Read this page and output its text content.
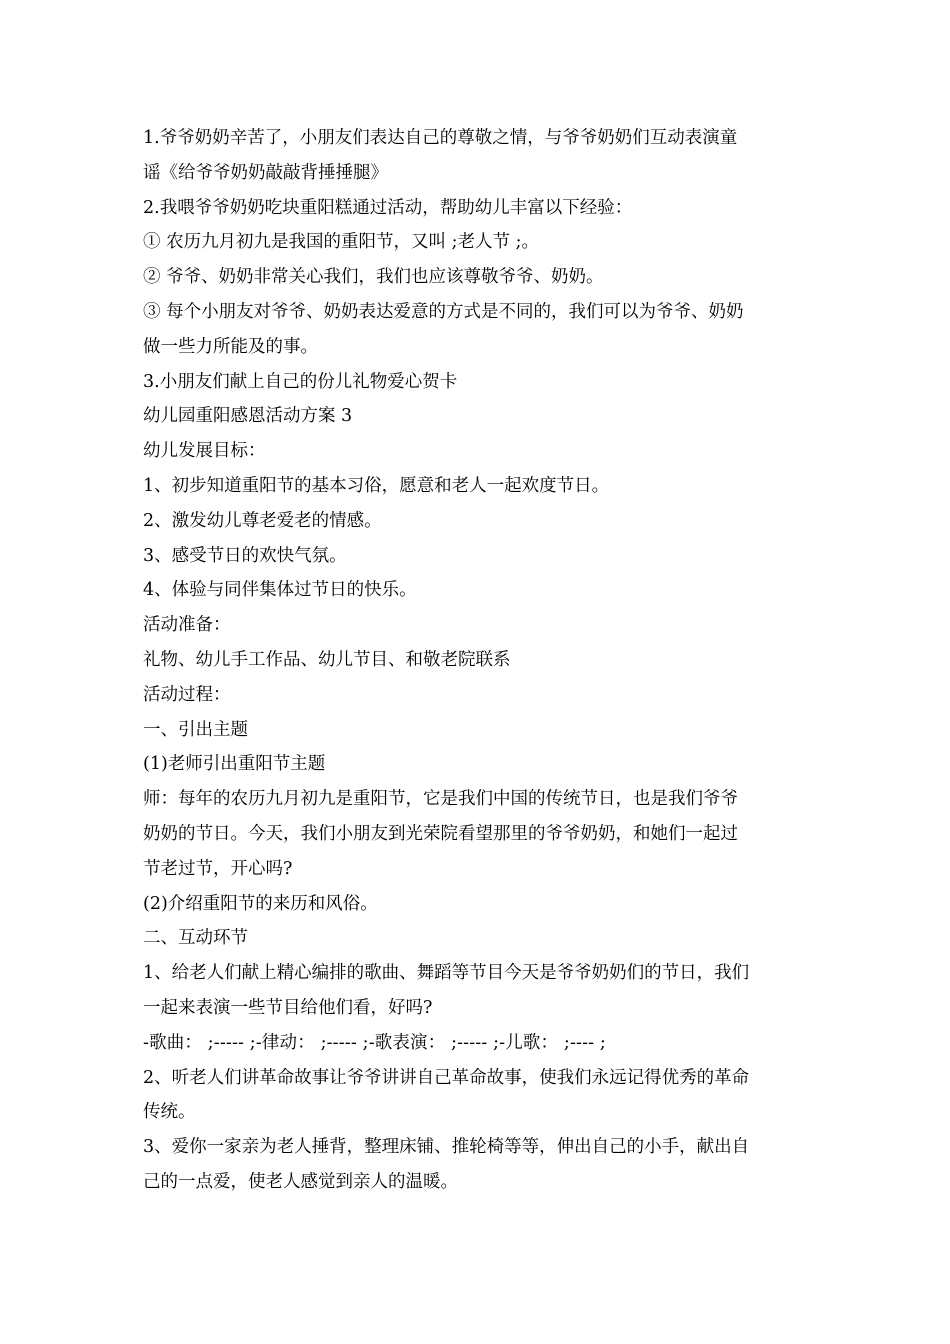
1.爷爷奶奶辛苦了，小朋友们表达自己的尊敬之情，与爷爷奶奶们互动表演童
谣《给爷爷奶奶敲敲背捶捶腿》
2.我喂爷爷奶奶吃块重阳糕通过活动，帮助幼儿丰富以下经验：
① 农历九月初九是我国的重阳节，又叫 ;老人节 ;。
② 爷爷、奶奶非常关心我们，我们也应该尊敬爷爷、奶奶。
③ 每个小朋友对爷爷、奶奶表达爱意的方式是不同的，我们可以为爷爷、奶奶
做一些力所能及的事。
3.小朋友们献上自己的份儿礼物爱心贺卡
幼儿园重阳感恩活动方案 3
幼儿发展目标：
1、初步知道重阳节的基本习俗，愿意和老人一起欢度节日。
2、激发幼儿尊老爱老的情感。
3、感受节日的欢快气氛。
4、体验与同伴集体过节日的快乐。
活动准备：
礼物、幼儿手工作品、幼儿节目、和敬老院联系
活动过程：
一、引出主题
(1)老师引出重阳节主题
师：每年的农历九月初九是重阳节，它是我们中国的传统节日，也是我们爷爷
奶奶的节日。今天，我们小朋友到光荣院看望那里的爷爷奶奶，和她们一起过
节老过节，开心吗?
(2)介绍重阳节的来历和风俗。
二、互动环节
1、给老人们献上精心编排的歌曲、舞蹈等节目今天是爷爷奶奶们的节日，我们
一起来表演一些节目给他们看，好吗?
-歌曲： ;----- ;-律动： ;----- ;-歌表演： ;----- ;-儿歌： ;---- ;
2、听老人们讲革命故事让爷爷讲讲自己革命故事，使我们永远记得优秀的革命
传统。
3、爱你一家亲为老人捶背，整理床铺、推轮椅等等，伸出自己的小手，献出自
己的一点爱，使老人感觉到亲人的温暖。
